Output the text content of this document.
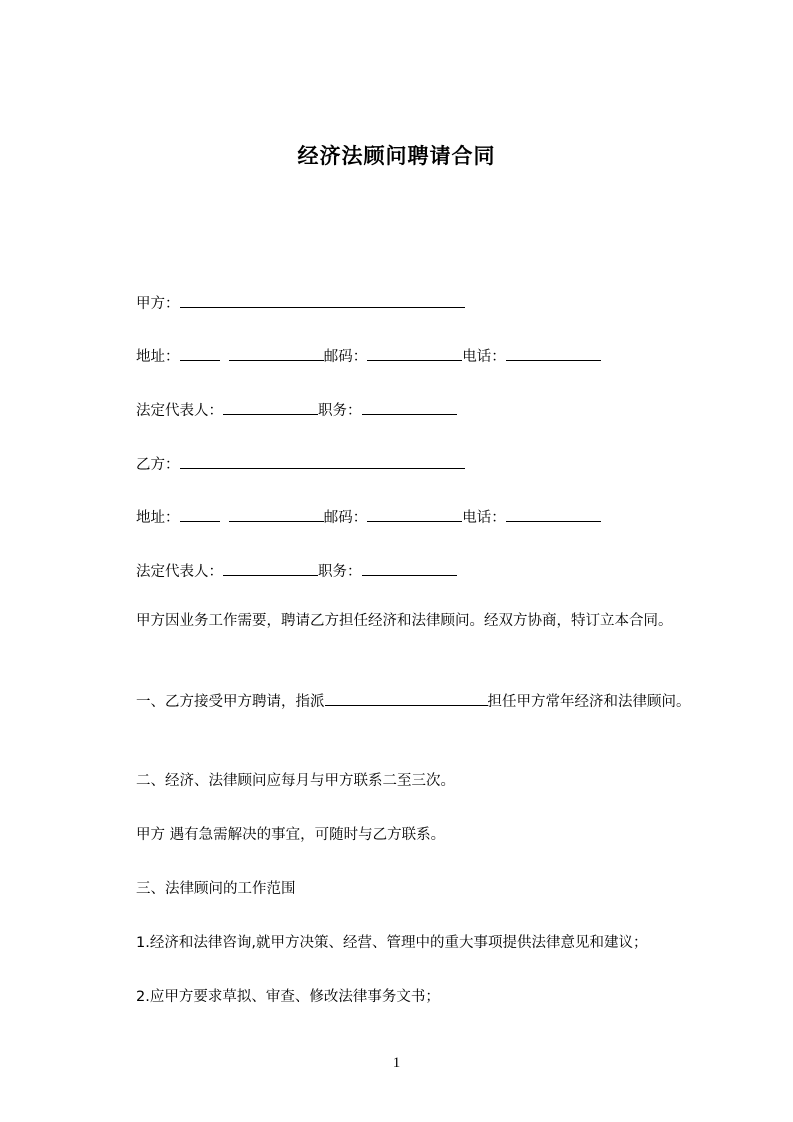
经济法顾问聘请合同
甲方：
地址：	邮码：	电话：
法定代表人：	职务：
乙方：
地址：	邮码：	电话：
法定代表人：	职务：
甲方因业务工作需要，聘请乙方担任经济和法律顾问。经双方协商，特订立本合同。
一、乙方接受甲方聘请，指派	担任甲方常年经济和法律顾问。
二、经济、法律顾问应每月与甲方联系二至三次。
甲方 遇有急需解决的事宜，可随时与乙方联系。
三、法律顾问的工作范围
1.经济和法律咨询,就甲方决策、经营、管理中的重大事项提供法律意见和建议；
2.应甲方要求草拟、审查、修改法律事务文书；
1
